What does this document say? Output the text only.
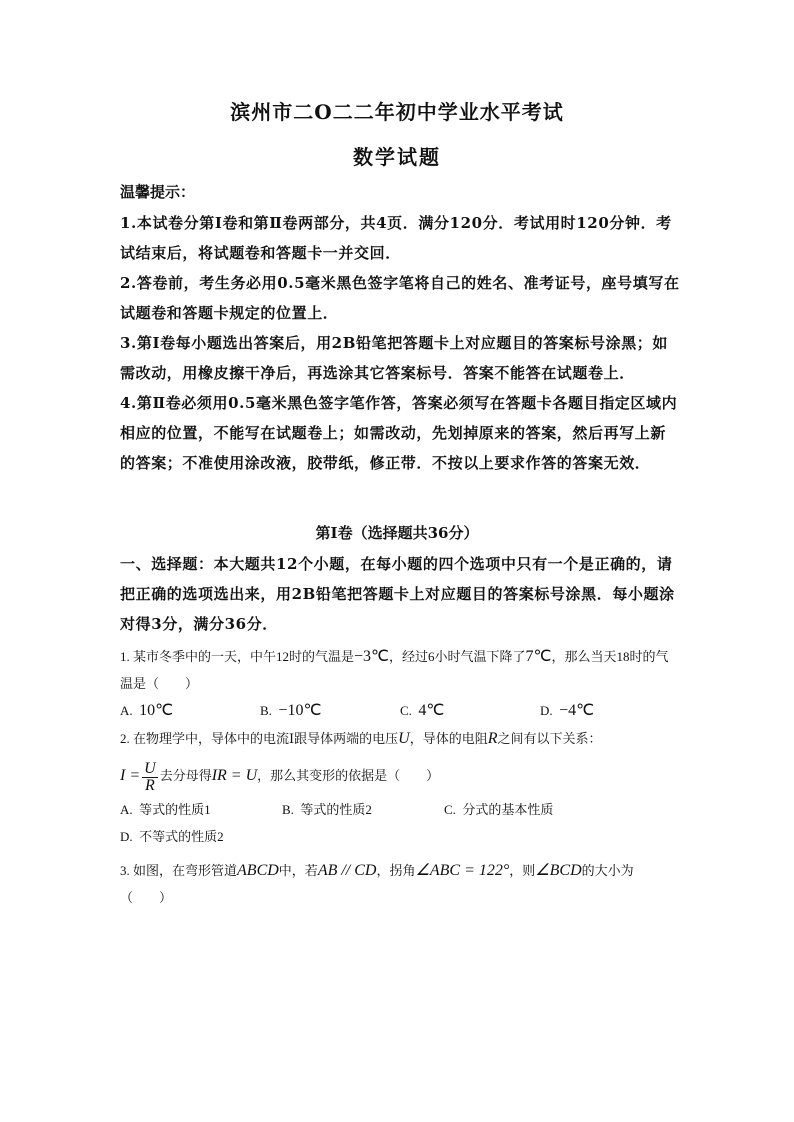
滨州市二O二二年初中学业水平考试
数学试题
温馨提示：

1.本试卷分第Ⅰ卷和第Ⅱ卷两部分，共4页．满分120分．考试用时120分钟．考试结束后，将试题卷和答题卡一并交回．

2.答卷前，考生务必用0.5毫米黑色签字笔将自己的姓名、准考证号，座号填写在试题卷和答题卡规定的位置上．

3.第Ⅰ卷每小题选出答案后，用2B铅笔把答题卡上对应题目的答案标号涂黑；如需改动，用橡皮擦干净后，再选涂其它答案标号．答案不能答在试题卷上．

4.第Ⅱ卷必须用0.5毫米黑色签字笔作答，答案必须写在答题卡各题目指定区域内相应的位置，不能写在试题卷上；如需改动，先划掉原来的答案，然后再写上新的答案；不准使用涂改液，胶带纸，修正带．不按以上要求作答的答案无效．

第Ⅰ卷（选择题共36分）

一、选择题：本大题共12个小题，在每小题的四个选项中只有一个是正确的，请把正确的选项选出来，用2B铅笔把答题卡上对应题目的答案标号涂黑．每小题涂对得3分，满分36分．

1. 某市冬季中的一天，中午12时的气温是−3℃，经过6小时气温下降了7℃，那么当天18时的气温是（　　）

A. 10℃	B. −10℃	C. 4℃	D. −4℃

2. 在物理学中，导体中的电流Ⅰ跟导体两端的电压U，导体的电阻R之间有以下关系：

$I = \frac{U}{R}$ 去分母得IR = U，那么其变形的依据是（　　）

A. 等式的性质1	B. 等式的性质2	C. 分式的基本性质
D. 不等式的性质2

3. 如图，在弯形管道ABCD中，若AB // CD，拐角∠ABC = 122°，则∠BCD的大小为

（　　）
